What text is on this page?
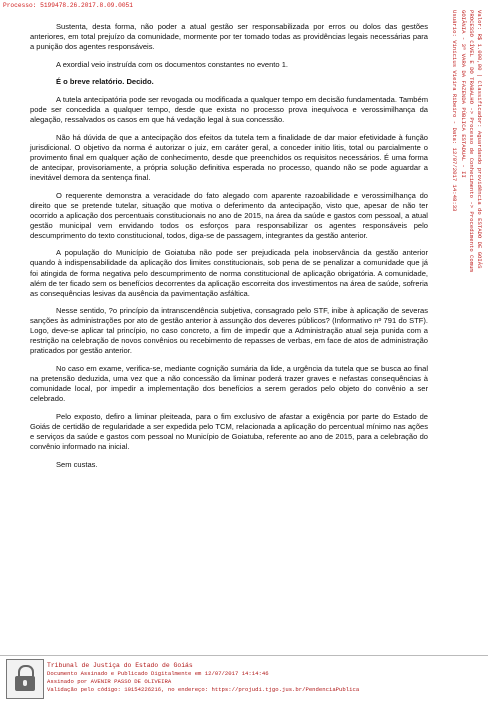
Processo: 5199478.26.2017.8.09.0051
Valor: R$ 1.000,00 | Classificador: Aguardando providência do ESTADO DE GOIÁS
PROCESSO CÍVEL E DO TRABALHO -> Processo de Conhecimento -> Procedimento Comum
GOIÂNIA - 3ª VARA DA FAZENDA PÚBLICA ESTADUAL - II
Usuário: Vinícius Vieira Ribeiro - Data: 12/07/2017 14:48:33

Sustenta, desta forma, não poder a atual gestão ser responsabilizada por erros ou dolos das gestões anteriores, em total prejuízo da comunidade, mormente por ter tomado todas as providências legais necessárias para a punição dos agentes responsáveis.

A exordial veio instruída com os documentos constantes no evento 1.

É o breve relatório. Decido.

A tutela antecipatória pode ser revogada ou modificada a qualquer tempo em decisão fundamentada. Também pode ser concedida a qualquer tempo, desde que exista no processo prova inequívoca e verossimilhança da alegação, ressalvados os casos em que há vedação legal à sua concessão.

Não há dúvida de que a antecipação dos efeitos da tutela tem a finalidade de dar maior efetividade à função jurisdicional. O objetivo da norma é autorizar o juiz, em caráter geral, a conceder initio litis, total ou parcialmente o provimento final em qualquer ação de conhecimento, desde que preenchidos os requisitos necessários. É uma forma de antecipar, provisoriamente, a própria solução definitiva esperada no processo, quando não se pode aguardar a inevitável demora da sentença final.

O requerente demonstra a veracidade do fato alegado com aparente razoabilidade e verossimilhança do direito que se pretende tutelar, situação que motiva o deferimento da antecipação, visto que, apesar de não ter ocorrido a aplicação dos percentuais constitucionais no ano de 2015, na área da saúde e gastos com pessoal, a atual gestão municipal vem envidando todos os esforços para responsabilizar os agentes responsáveis pelo descumprimento do texto constitucional, todos, diga-se de passagem, integrantes da gestão anterior.

A população do Município de Goiatuba não pode ser prejudicada pela inobservância da gestão anterior quando à indispensabilidade da aplicação dos limites constitucionais, sob pena de se penalizar a comunidade que já foi atingida de forma negativa pelo descumprimento de norma constitucional de aplicação obrigatória. A comunidade, além de ter ficado sem os benefícios decorrentes da aplicação escorreita dos investimentos na área de saúde, sofreria as consequências lesivas da ausência da pavimentação asfáltica.

Nesse sentido, ?o princípio da intranscendência subjetiva, consagrado pelo STF, inibe à aplicação de severas sanções às administrações por ato de gestão anterior à assunção dos deveres públicos? (Informativo nº 791 do STF). Logo, deve-se aplicar tal princípio, no caso concreto, a fim de impedir que a Administração atual seja punida com a restrição na celebração de novos convênios ou recebimento de repasses de verbas, em face de atos de administração praticados por gestão anterior.

No caso em exame, verifica-se, mediante cognição sumária da lide, a urgência da tutela que se busca ao final na pretensão deduzida, uma vez que a não concessão da liminar poderá trazer graves e nefastas consequências à comunidade local, por impedir a implementação dos benefícios a serem gerados pelo objeto do convênio a ser celebrado.

Pelo exposto, defiro a liminar pleiteada, para o fim exclusivo de afastar a exigência por parte do Estado de Goiás de certidão de regularidade a ser expedida pelo TCM, relacionada a aplicação do percentual mínimo nas ações e serviços da saúde e gastos com pessoal no Município de Goiatuba, referente ao ano de 2015, para a celebração do convênio informado na inicial.

Sem custas.

Tribunal de Justiça do Estado de Goiás
Documento Assinado e Publicado Digitalmente em 12/07/2017 14:14:46
Assinado por AVENIR PASSO DE OLIVEIRA
Validação pelo código: 10154226216, no endereço: https://projudi.tjgo.jus.br/PendenciaPublica
